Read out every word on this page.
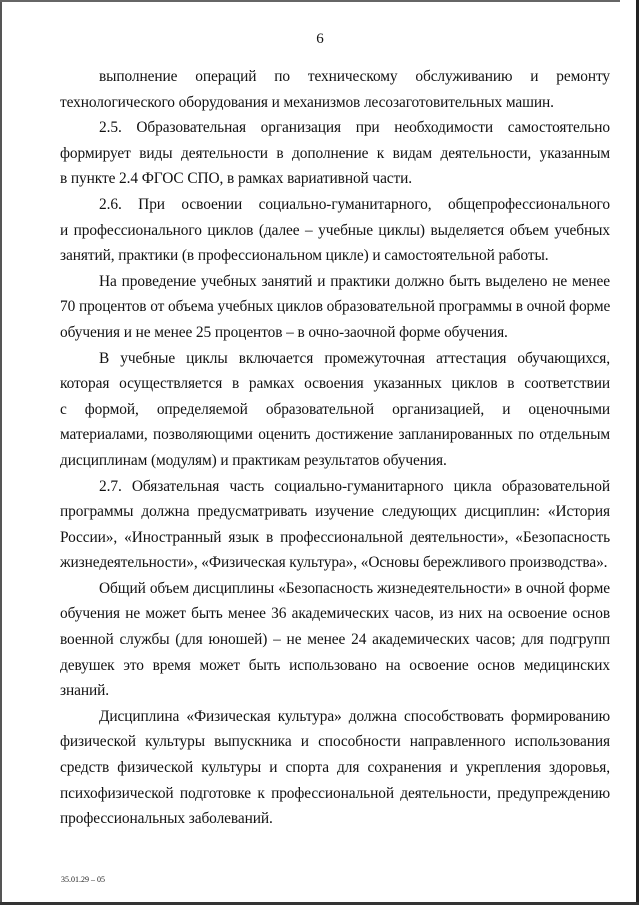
6

выполнение операций по техническому обслуживанию и ремонту
технологического оборудования и механизмов лесозаготовительных машин.

2.5. Образовательная организация при необходимости самостоятельно
формирует виды деятельности в дополнение к видам деятельности, указанным
в пункте 2.4 ФГОС СПО, в рамках вариативной части.

2.6. При освоении социально-гуманитарного, общепрофессионального
и профессионального циклов (далее – учебные циклы) выделяется объем учебных
занятий, практики (в профессиональном цикле) и самостоятельной работы.

На проведение учебных занятий и практики должно быть выделено не менее
70 процентов от объема учебных циклов образовательной программы в очной форме
обучения и не менее 25 процентов – в очно-заочной форме обучения.

В учебные циклы включается промежуточная аттестация обучающихся,
которая осуществляется в рамках освоения указанных циклов в соответствии
с формой, определяемой образовательной организацией, и оценочными
материалами, позволяющими оценить достижение запланированных по отдельным
дисциплинам (модулям) и практикам результатов обучения.

2.7. Обязательная часть социально-гуманитарного цикла образовательной
программы должна предусматривать изучение следующих дисциплин: «История
России», «Иностранный язык в профессиональной деятельности», «Безопасность
жизнедеятельности», «Физическая культура», «Основы бережливого производства».

Общий объем дисциплины «Безопасность жизнедеятельности» в очной форме
обучения не может быть менее 36 академических часов, из них на освоение основ
военной службы (для юношей) – не менее 24 академических часов; для подгрупп
девушек это время может быть использовано на освоение основ медицинских
знаний.

Дисциплина «Физическая культура» должна способствовать формированию
физической культуры выпускника и способности направленного использования
средств физической культуры и спорта для сохранения и укрепления здоровья,
психофизической подготовке к профессиональной деятельности, предупреждению
профессиональных заболеваний.

35.01.29 – 05
